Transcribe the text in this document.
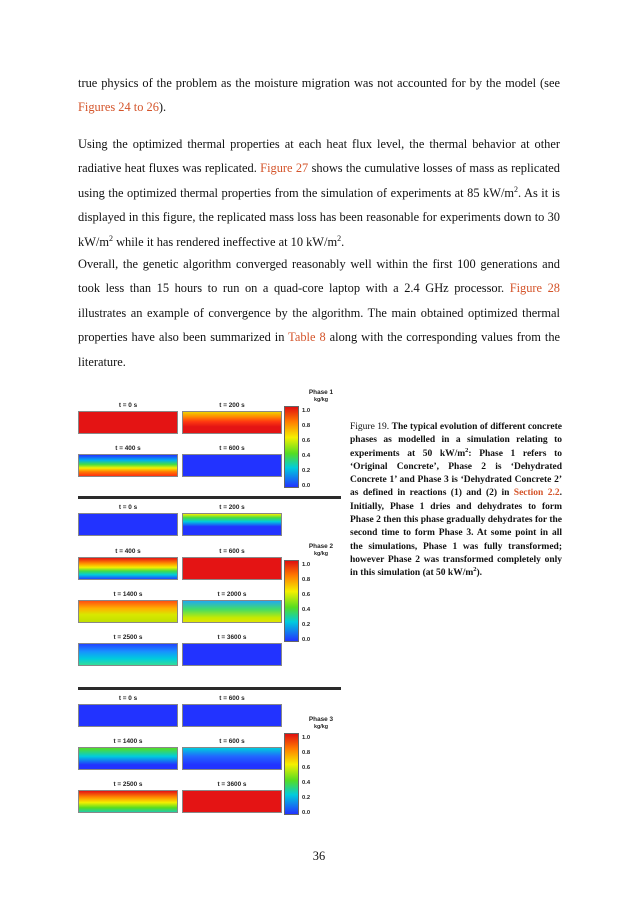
true physics of the problem as the moisture migration was not accounted for by the model (see Figures 24 to 26).

Using the optimized thermal properties at each heat flux level, the thermal behavior at other radiative heat fluxes was replicated. Figure 27 shows the cumulative losses of mass as replicated using the optimized thermal properties from the simulation of experiments at 85 $kW/m^2$. As it is displayed in this figure, the replicated mass loss has been reasonable for experiments down to 30 $kW/m^2$ while it has rendered ineffective at 10 $kW/m^2$.

Overall, the genetic algorithm converged reasonably well within the first 100 generations and took less than 15 hours to run on a quad-core laptop with a 2.4 GHz processor. Figure 28 illustrates an example of convergence by the algorithm. The main obtained optimized thermal properties have also been summarized in Table 8 along with the corresponding values from the literature.

t = 0 s	t = 200 s
t = 400 s	t = 600 s
Phase 1
kg/kg
1.0
0.8
0.6
0.4
0.2
0.0
t = 0 s	t = 200 s
t = 400 s	t = 600 s
t = 1400 s	t = 2000 s
t = 2500 s	t = 3600 s
Phase 2
kg/kg
1.0
0.8
0.6
0.4
0.2
0.0
t = 0 s	t = 600 s
t = 1400 s	t = 600 s
t = 2500 s	t = 3600 s
Phase 3
kg/kg
1.0
0.8
0.6
0.4
0.2
0.0

Figure 19. The typical evolution of different concrete phases as modelled in a simulation relating to experiments at 50 $kW/m^2$: Phase 1 refers to ‘Original Concrete’, Phase 2 is ‘Dehydrated Concrete 1’ and Phase 3 is ‘Dehydrated Concrete 2’ as defined in reactions (1) and (2) in Section 2.2. Initially, Phase 1 dries and dehydrates to form Phase 2 then this phase gradually dehydrates for the second time to form Phase 3. At some point in all the simulations, Phase 1 was fully transformed; however Phase 2 was transformed completely only in this simulation (at 50 $kW/m^2$).

36
